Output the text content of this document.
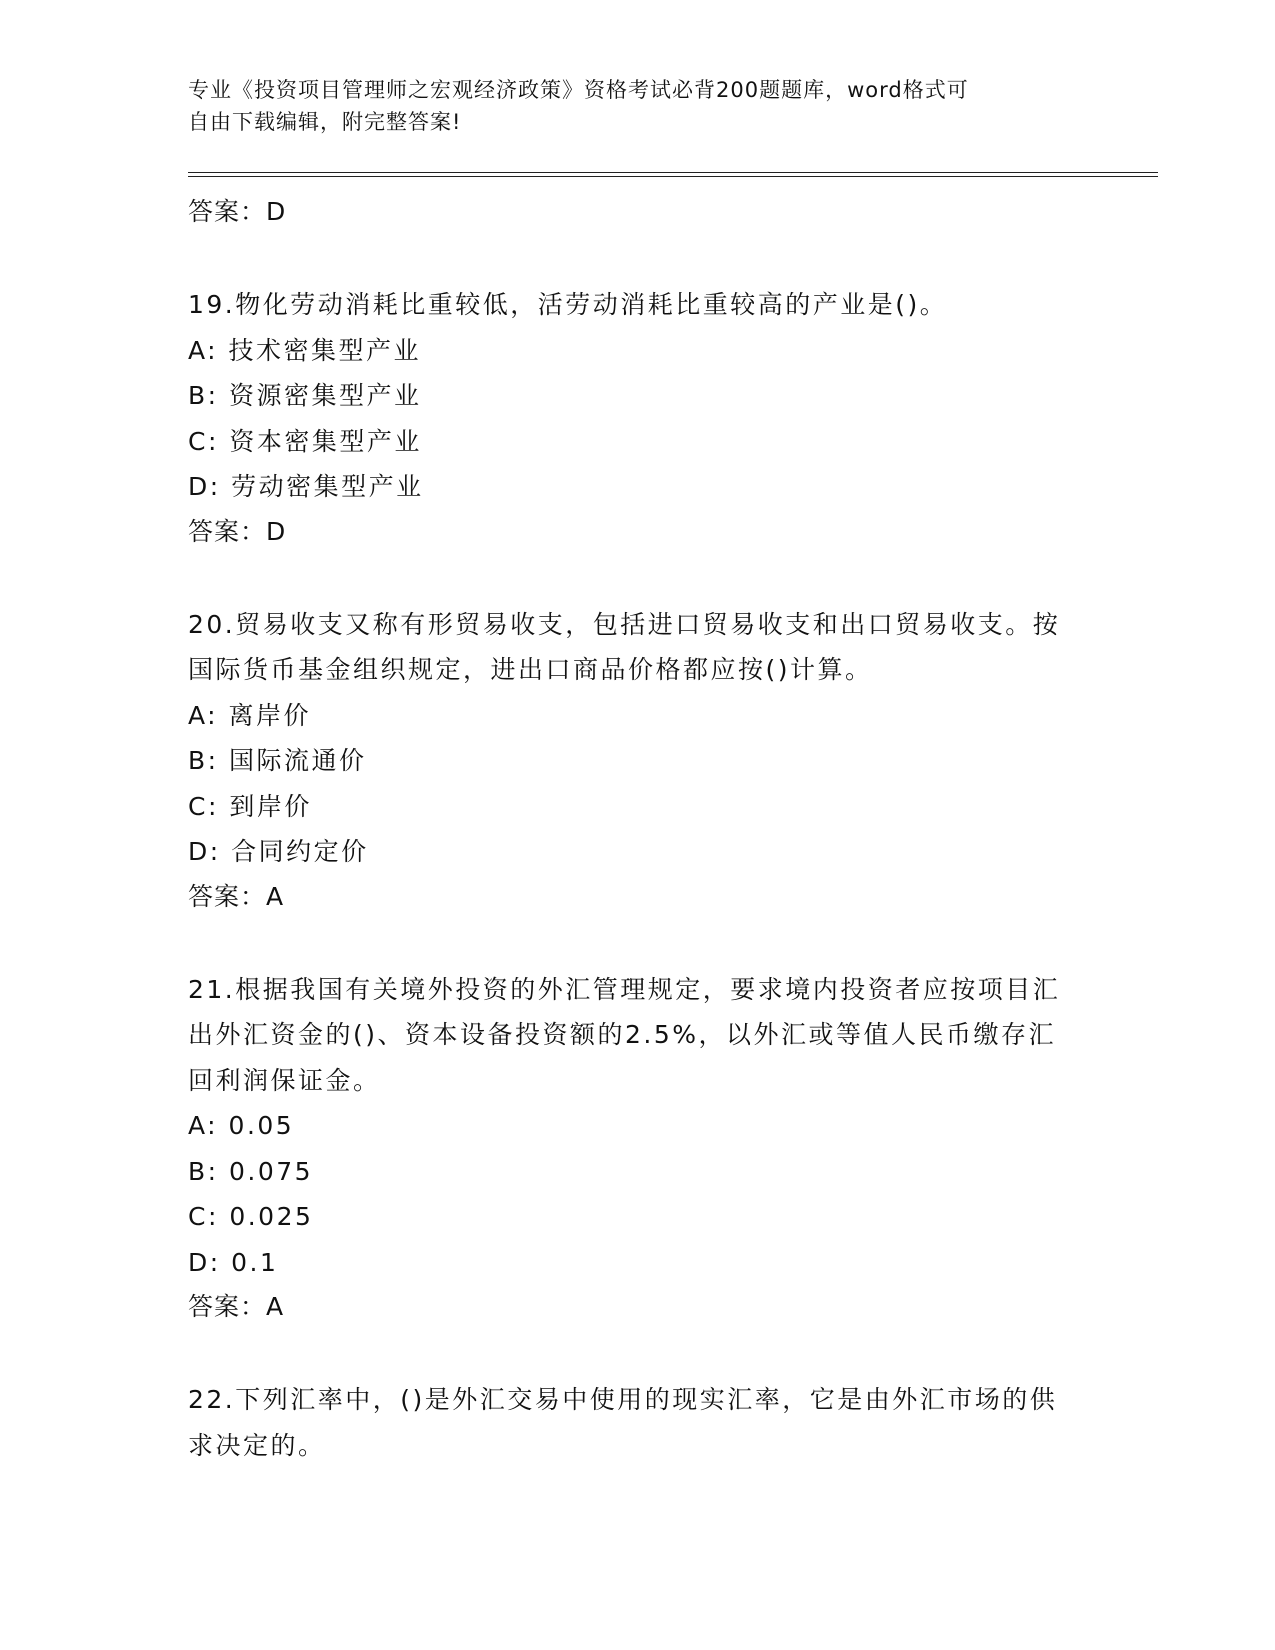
专业《投资项目管理师之宏观经济政策》资格考试必背200题题库，word格式可
自由下载编辑，附完整答案!
答案：D
19.物化劳动消耗比重较低，活劳动消耗比重较高的产业是()。
A: 技术密集型产业
B: 资源密集型产业
C: 资本密集型产业
D: 劳动密集型产业
答案：D
20.贸易收支又称有形贸易收支，包括进口贸易收支和出口贸易收支。按国际货币基金组织规定，进出口商品价格都应按()计算。
A: 离岸价
B: 国际流通价
C: 到岸价
D: 合同约定价
答案：A
21.根据我国有关境外投资的外汇管理规定，要求境内投资者应按项目汇出外汇资金的()、资本设备投资额的2.5%，以外汇或等值人民币缴存汇回利润保证金。
A: 0.05
B: 0.075
C: 0.025
D: 0.1
答案：A
22.下列汇率中，()是外汇交易中使用的现实汇率，它是由外汇市场的供求决定的。
